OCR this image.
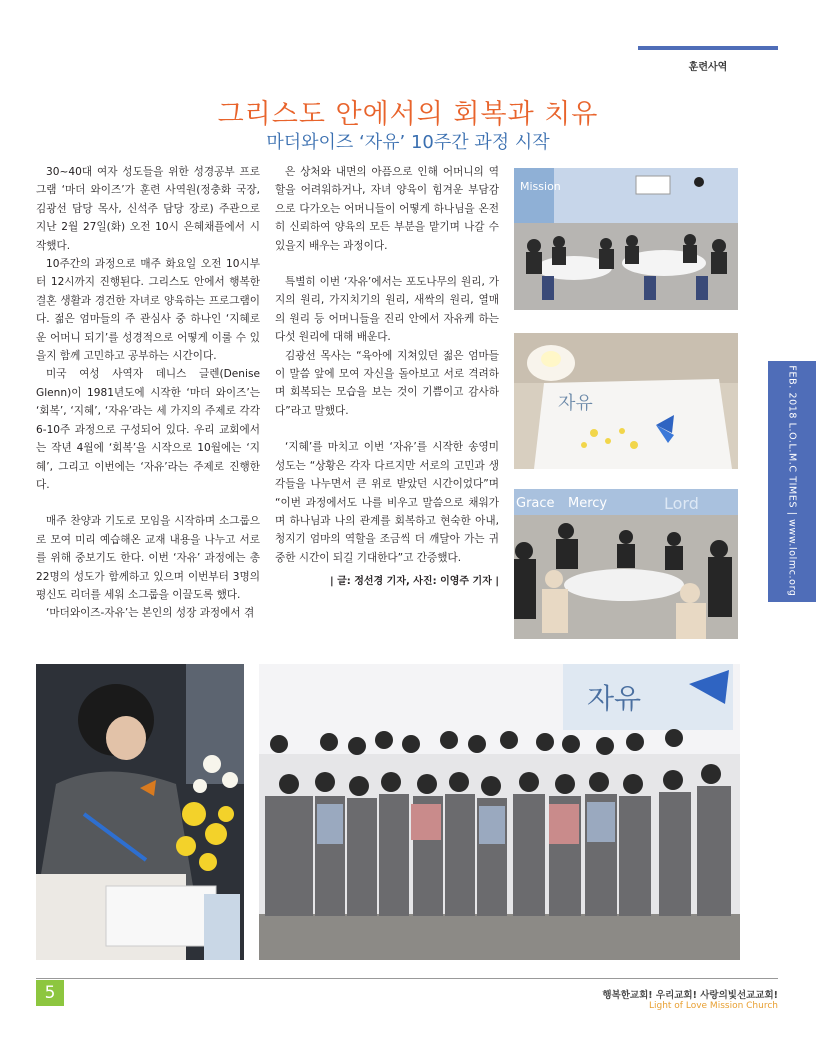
훈련사역
그리스도 안에서의 회복과 치유
마더와이즈 ‘자유’ 10주간 과정 시작

30~40대 여자 성도들을 위한 성경공부 프로그램 ‘마더 와이즈’가 훈련 사역원(정충화 국장, 김광선 담당 목사, 신석주 담당 장로) 주관으로 지난 2월 27일(화) 오전 10시 은혜채플에서 시작했다.

10주간의 과정으로 매주 화요일 오전 10시부터 12시까지 진행된다. 그리스도 안에서 행복한 결혼 생활과 경건한 자녀로 양육하는 프로그램이다. 젊은 엄마들의 주 관심사 중 하나인 ‘지혜로운 어머니 되기’를 성경적으로 어떻게 이룰 수 있을지 함께 고민하고 공부하는 시간이다.

미국 여성 사역자 데니스 글렌(Denise Glenn)이 1981년도에 시작한 ‘마더 와이즈’는 ‘회복’, ‘지혜’, ‘자유’라는 세 가지의 주제로 각각 6-10주 과정으로 구성되어 있다. 우리 교회에서는 작년 4월에 ‘회복’을 시작으로 10월에는 ‘지혜’, 그리고 이번에는 ‘자유’라는 주제로 진행한다.

매주 찬양과 기도로 모임을 시작하며 소그룹으로 모여 미리 예습해온 교재 내용을 나누고 서로를 위해 중보기도 한다. 이번 ‘자유’ 과정에는 총 22명의 성도가 함께하고 있으며 이번부터 3명의 평신도 리더를 세워 소그룹을 이끌도록 했다.

‘마더와이즈-자유’는 본인의 성장 과정에서 겪

은 상처와 내면의 아픔으로 인해 어머니의 역할을 어려워하거나, 자녀 양육이 힘겨운 부담감으로 다가오는 어머니들이 어떻게 하나님을 온전히 신뢰하여 양육의 모든 부분을 맡기며 나갈 수 있을지 배우는 과정이다.

특별히 이번 ‘자유’에서는 포도나무의 원리, 가지의 원리, 가지치기의 원리, 새싹의 원리, 열매의 원리 등 어머니들을 진리 안에서 자유케 하는 다섯 원리에 대해 배운다.

김광선 목사는 “육아에 지쳐있던 젊은 엄마들이 말씀 앞에 모여 자신을 돌아보고 서로 격려하며 회복되는 모습을 보는 것이 기쁨이고 감사하다”라고 말했다.

‘지혜’를 마치고 이번 ‘자유’를 시작한 송영미 성도는 “상황은 각자 다르지만 서로의 고민과 생각들을 나누면서 큰 위로 받았던 시간이었다”며 “이번 과정에서도 나를 비우고 말씀으로 채워가며 하나님과 나의 관계를 회복하고 현숙한 아내, 청지기 엄마의 역할을 조금씩 더 깨달아 가는 귀중한 시간이 되길 기대한다”고 간증했다.

| 글: 정선경 기자, 사진: 이영주 기자 |

Mission
자유
Grace Mercy	Lord
자유
FEB. 2018 L.O.L.M.C TIMES | www.lolmc.org
5	행복한교회! 우리교회! 사랑의빛선교교회!
Light of Love Mission Church
